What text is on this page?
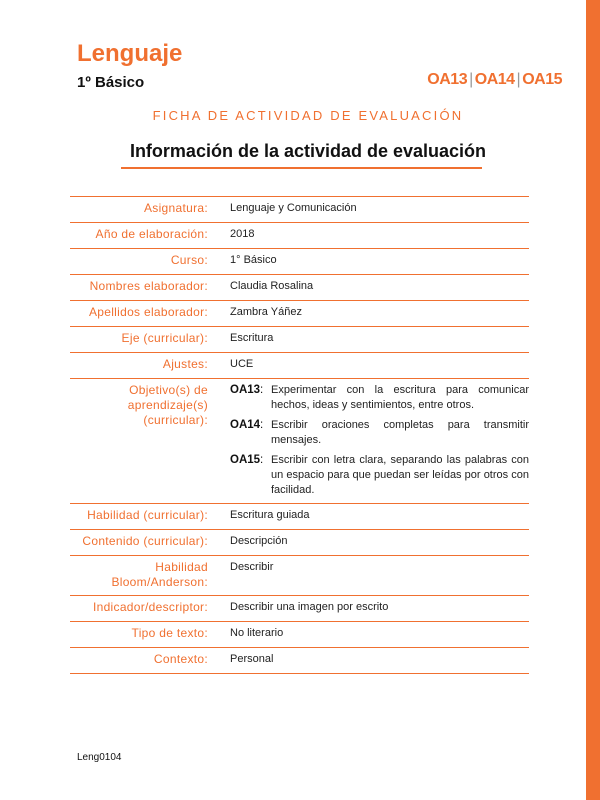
Lenguaje
1º Básico	OA13 | OA14 | OA15
FICHA DE ACTIVIDAD DE EVALUACIÓN
Información de la actividad de evaluación
Asignatura:	Lenguaje y Comunicación
Año de elaboración:	2018
Curso:	1° Básico
Nombres elaborador:	Claudia Rosalina
Apellidos elaborador:	Zambra Yáñez
Eje (curricular):	Escritura
Ajustes:	UCE
Objetivo(s) de aprendizaje(s) (curricular):
OA13: Experimentar con la escritura para comunicar hechos, ideas y sentimientos, entre otros.
OA14: Escribir oraciones completas para transmitir mensajes.
OA15: Escribir con letra clara, separando las palabras con un espacio para que puedan ser leídas por otros con facilidad.
Habilidad (curricular):	Escritura guiada
Contenido (curricular):	Descripción
Habilidad Bloom/Anderson:
Describir
Indicador/descriptor:	Describir una imagen por escrito
Tipo de texto:	No literario
Contexto:	Personal
Leng0104
